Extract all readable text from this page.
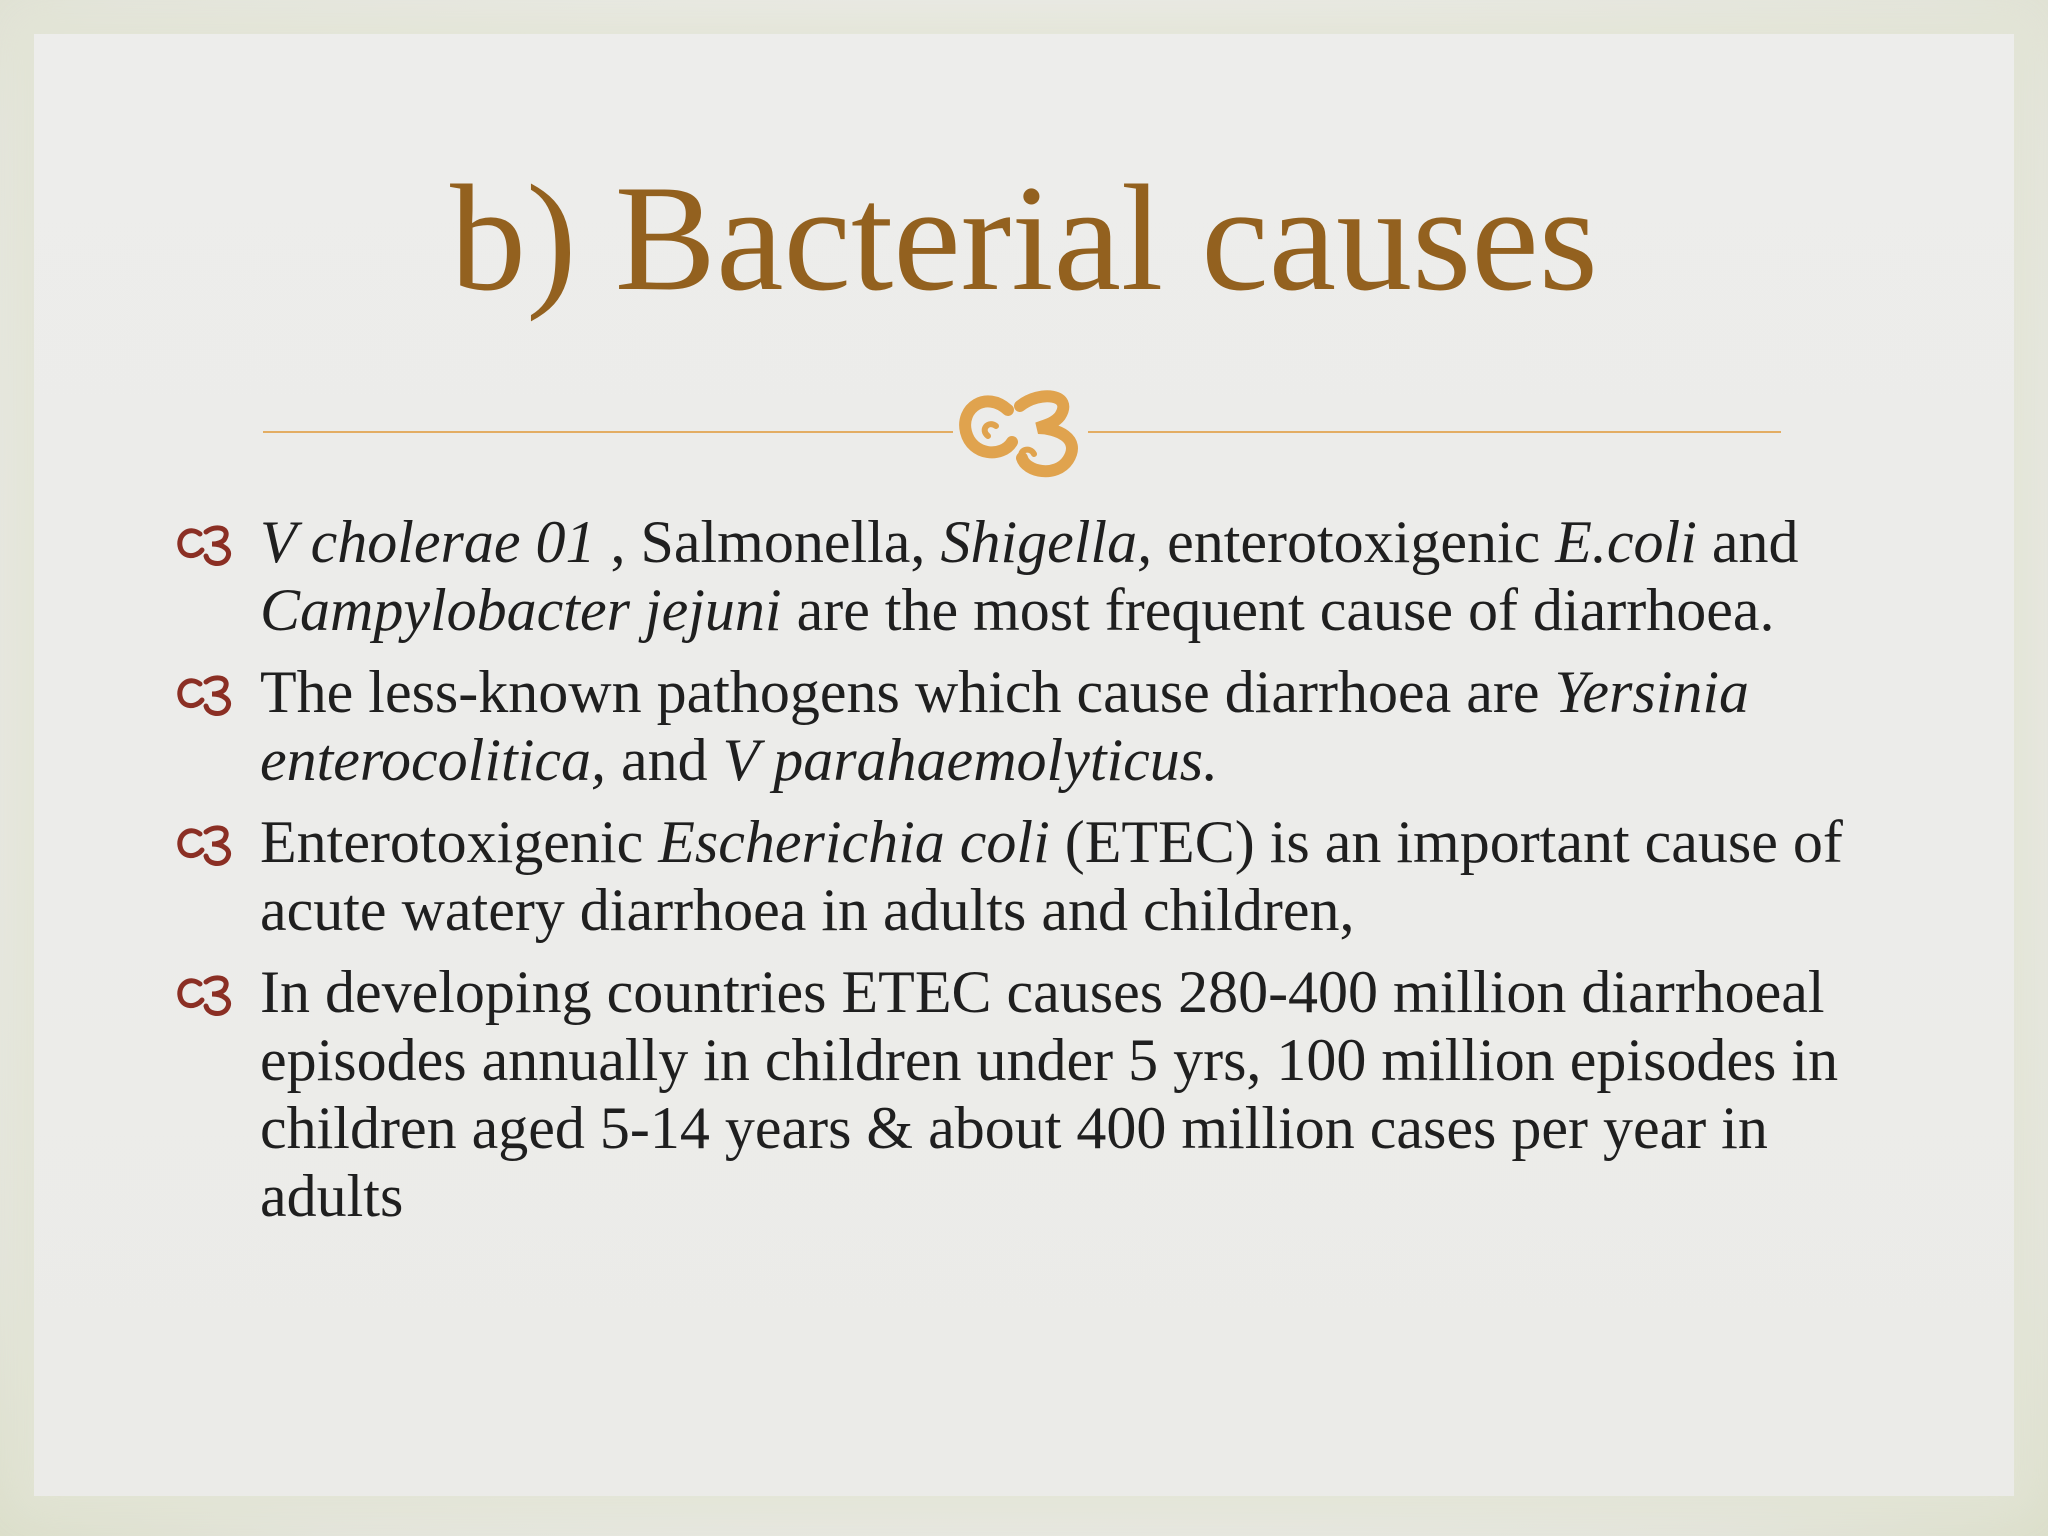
b) Bacterial causes
V cholerae 01 , Salmonella, Shigella, enterotoxigenic E.coli and Campylobacter jejuni are the most frequent cause of diarrhoea.
The less-known pathogens which cause diarrhoea are Yersinia enterocolitica, and V parahaemolyticus.
Enterotoxigenic Escherichia coli (ETEC) is an important cause of acute watery diarrhoea in adults and children,
In developing countries ETEC causes 280-400 million diarrhoeal episodes annually in children under 5 yrs, 100 million episodes in children aged 5-14 years & about 400 million cases per year in adults
